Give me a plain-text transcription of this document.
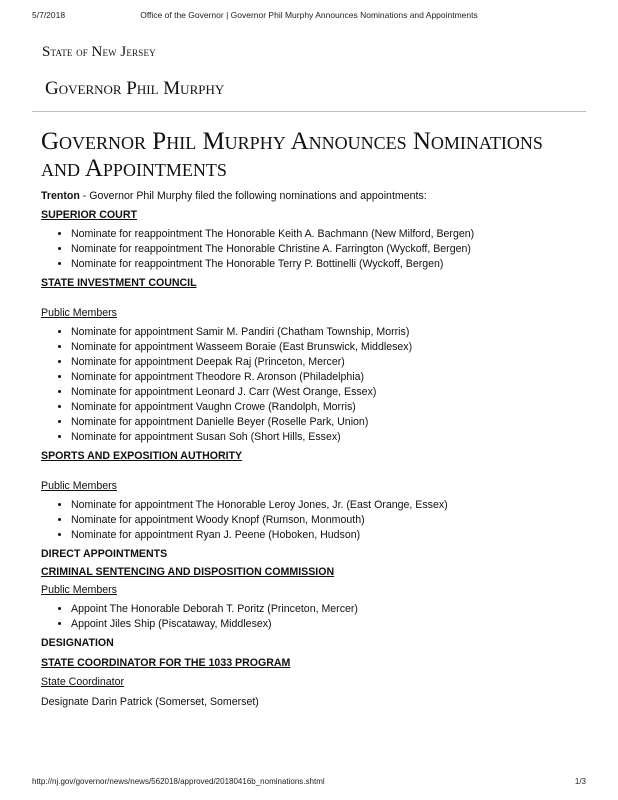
5/7/2018	Office of the Governor | Governor Phil Murphy Announces Nominations and Appointments
State of New Jersey
Governor Phil Murphy
Governor Phil Murphy Announces Nominations and Appointments

Trenton - Governor Phil Murphy filed the following nominations and appointments:

SUPERIOR COURT

• Nominate for reappointment The Honorable Keith A. Bachmann (New Milford, Bergen)
• Nominate for reappointment The Honorable Christine A. Farrington (Wyckoff, Bergen)
• Nominate for reappointment The Honorable Terry P. Bottinelli (Wyckoff, Bergen)

STATE INVESTMENT COUNCIL

Public Members

• Nominate for appointment Samir M. Pandiri (Chatham Township, Morris)
• Nominate for appointment Wasseem Boraie (East Brunswick, Middlesex)
• Nominate for appointment Deepak Raj (Princeton, Mercer)
• Nominate for appointment Theodore R. Aronson (Philadelphia)
• Nominate for appointment Leonard J. Carr (West Orange, Essex)
• Nominate for appointment Vaughn Crowe (Randolph, Morris)
• Nominate for appointment Danielle Beyer (Roselle Park, Union)
• Nominate for appointment Susan Soh (Short Hills, Essex)

SPORTS AND EXPOSITION AUTHORITY

Public Members

• Nominate for appointment The Honorable Leroy Jones, Jr. (East Orange, Essex)
• Nominate for appointment Woody Knopf (Rumson, Monmouth)
• Nominate for appointment Ryan J. Peene (Hoboken, Hudson)

DIRECT APPOINTMENTS

CRIMINAL SENTENCING AND DISPOSITION COMMISSION

Public Members

• Appoint The Honorable Deborah T. Poritz (Princeton, Mercer)
• Appoint Jiles Ship (Piscataway, Middlesex)

DESIGNATION

STATE COORDINATOR FOR THE 1033 PROGRAM

State Coordinator

Designate Darin Patrick (Somerset, Somerset)

http://nj.gov/governor/news/news/562018/approved/20180416b_nominations.shtml	1/3
